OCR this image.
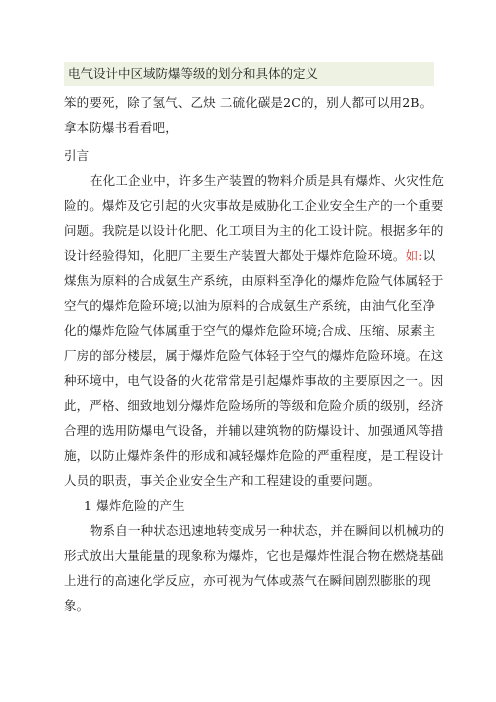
电气设计中区域防爆等级的划分和具体的定义
笨的要死，除了氢气、乙炔 二硫化碳是2C的，别人都可以用2B。
拿本防爆书看看吧，
引言
在化工企业中，许多生产装置的物料介质是具有爆炸、火灾性危
险的。爆炸及它引起的火灾事故是威胁化工企业安全生产的一个重要
问题。我院是以设计化肥、化工项目为主的化工设计院。根据多年的
设计经验得知，化肥厂主要生产装置大都处于爆炸危险环境。如:以
煤焦为原料的合成氨生产系统，由原料至净化的爆炸危险气体属轻于
空气的爆炸危险环境;以油为原料的合成氨生产系统，由油气化至净
化的爆炸危险气体属重于空气的爆炸危险环境;合成、压缩、尿素主
厂房的部分楼层，属于爆炸危险气体轻于空气的爆炸危险环境。在这
种环境中，电气设备的火花常常是引起爆炸事故的主要原因之一。因
此，严格、细致地划分爆炸危险场所的等级和危险介质的级别，经济
合理的选用防爆电气设备，并辅以建筑物的防爆设计、加强通风等措
施，以防止爆炸条件的形成和减轻爆炸危险的严重程度，是工程设计
人员的职责，事关企业安全生产和工程建设的重要问题。
1 爆炸危险的产生
物系自一种状态迅速地转变成另一种状态，并在瞬间以机械功的
形式放出大量能量的现象称为爆炸，它也是爆炸性混合物在燃烧基础
上进行的高速化学反应，亦可视为气体或蒸气在瞬间剧烈膨胀的现
象。
